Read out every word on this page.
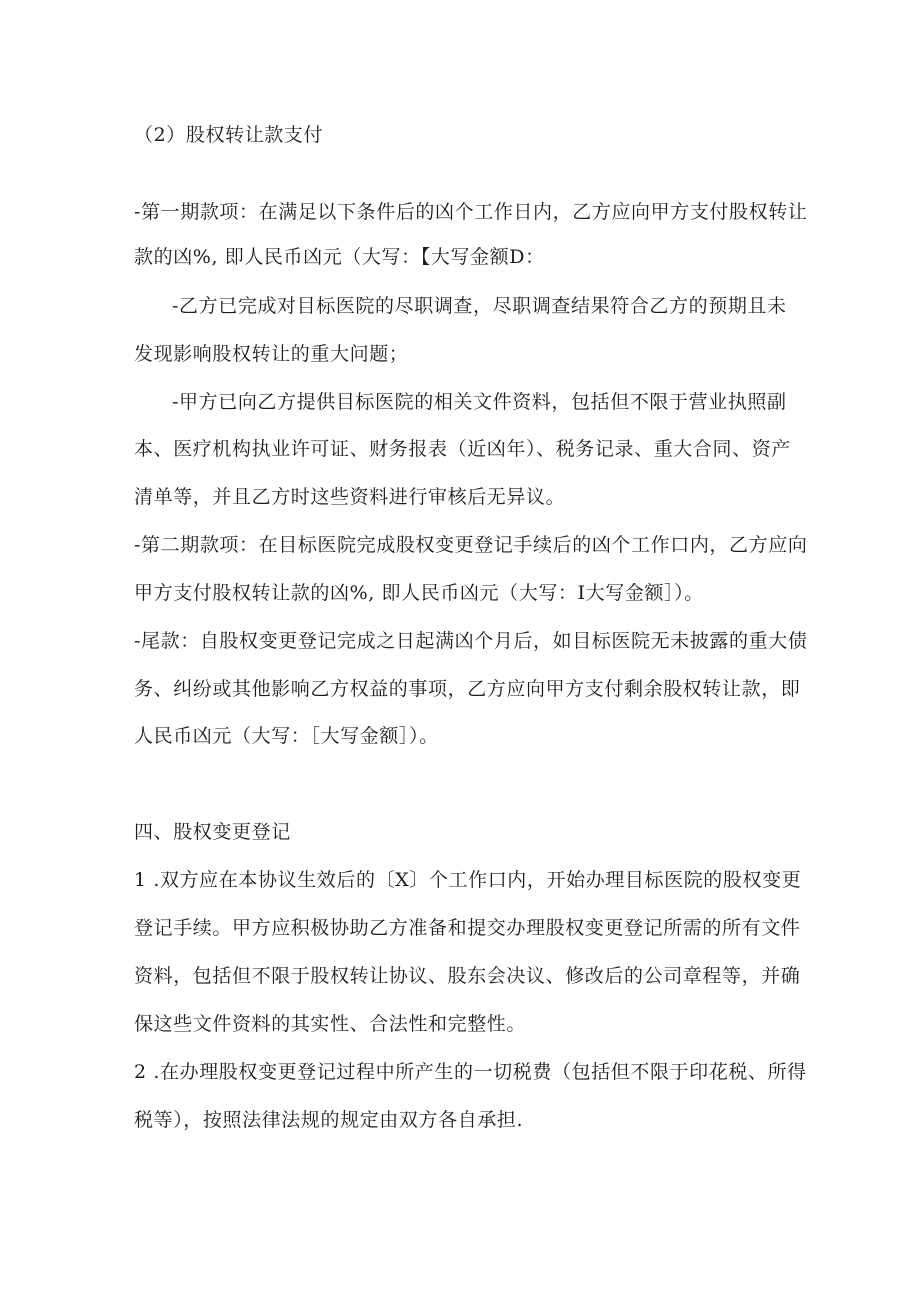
（2）股权转让款支付

-第一期款项：在满足以下条件后的凶个工作日内，乙方应向甲方支付股权转让

款的凶%, 即人民币凶元（大写：【大写金额D：

-乙方已完成对目标医院的尽职调查，尽职调查结果符合乙方的预期且未

发现影响股权转让的重大问题；

-甲方已向乙方提供目标医院的相关文件资料，包括但不限于营业执照副

本、医疗机构执业许可证、财务报表（近凶年）、税务记录、重大合同、资产

清单等，并且乙方时这些资料进行审核后无异议。

-第二期款项：在目标医院完成股权变更登记手续后的凶个工作口内，乙方应向

甲方支付股权转让款的凶%, 即人民币凶元（大写：I大写金额］）。

-尾款：自股权变更登记完成之日起满凶个月后，如目标医院无未披露的重大债

务、纠纷或其他影响乙方权益的事项，乙方应向甲方支付剩余股权转让款，即

人民币凶元（大写：［大写金额］）。

四、股权变更登记

1 .双方应在本协议生效后的〔X〕个工作口内，开始办理目标医院的股权变更

登记手续。甲方应积极协助乙方准备和提交办理股权变更登记所需的所有文件

资料，包括但不限于股权转让协议、股东会决议、修改后的公司章程等，并确

保这些文件资料的其实性、合法性和完整性。

2 .在办理股权变更登记过程中所产生的一切税费（包括但不限于印花税、所得

税等），按照法律法规的规定由双方各自承担.
